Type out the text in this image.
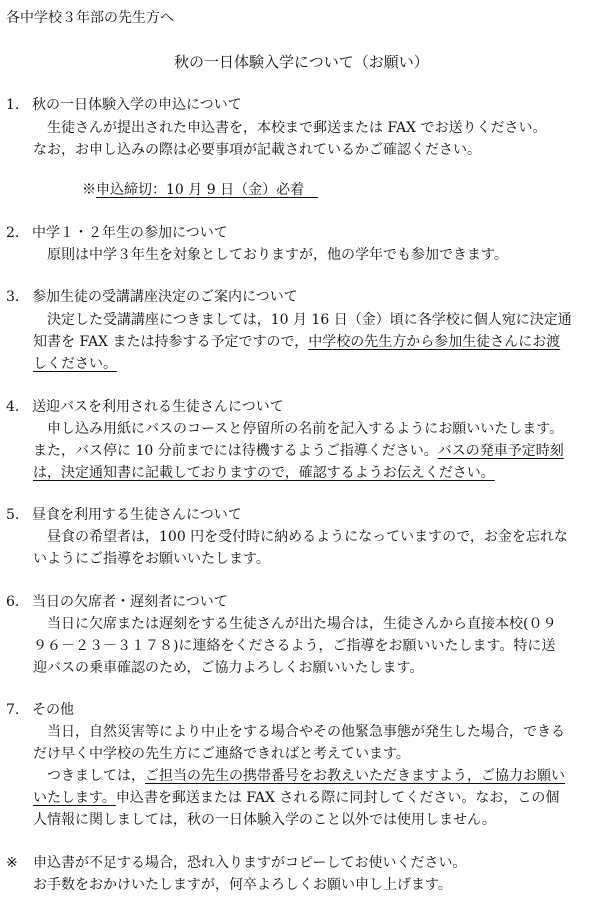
各中学校３年部の先生方へ
秋の一日体験入学について（お願い）
1. 秋の一日体験入学の申込について
生徒さんが提出された申込書を，本校まで郵送または FAX でお送りください。
なお，お申し込みの際は必要事項が記載されているかご確認ください。
※申込締切：10 月 9 日（金）必着　
2. 中学１・２年生の参加について
原則は中学３年生を対象としておりますが，他の学年でも参加できます。
3. 参加生徒の受講講座決定のご案内について
決定した受講講座につきましては，10 月 16 日（金）頃に各学校に個人宛に決定通
知書を FAX または持参する予定ですので，中学校の先生方から参加生徒さんにお渡
しください。
4. 送迎バスを利用される生徒さんについて
申し込み用紙にバスのコースと停留所の名前を記入するようにお願いいたします。
また，バス停に 10 分前までには待機するようご指導ください。バスの発車予定時刻
は，決定通知書に記載しておりますので，確認するようお伝えください。
5. 昼食を利用する生徒さんについて
昼食の希望者は，100 円を受付時に納めるようになっていますので，お金を忘れな
いようにご指導をお願いいたします。
6. 当日の欠席者・遅刻者について
当日に欠席または遅刻をする生徒さんが出た場合は，生徒さんから直接本校(０９
９６－２３－３１７８)に連絡をくださるよう，ご指導をお願いいたします。特に送
迎バスの乗車確認のため，ご協力よろしくお願いいたします。
7. その他
当日，自然災害等により中止をする場合やその他緊急事態が発生した場合，できる
だけ早く中学校の先生方にご連絡できればと考えています。
つきましては，ご担当の先生の携帯番号をお教えいただきますよう，ご協力お願い
いたします。申込書を郵送または FAX される際に同封してください。なお，この個
人情報に関しましては，秋の一日体験入学のこと以外では使用しません。
※ 申込書が不足する場合，恐れ入りますがコピーしてお使いください。
お手数をおかけいたしますが，何卒よろしくお願い申し上げます。
